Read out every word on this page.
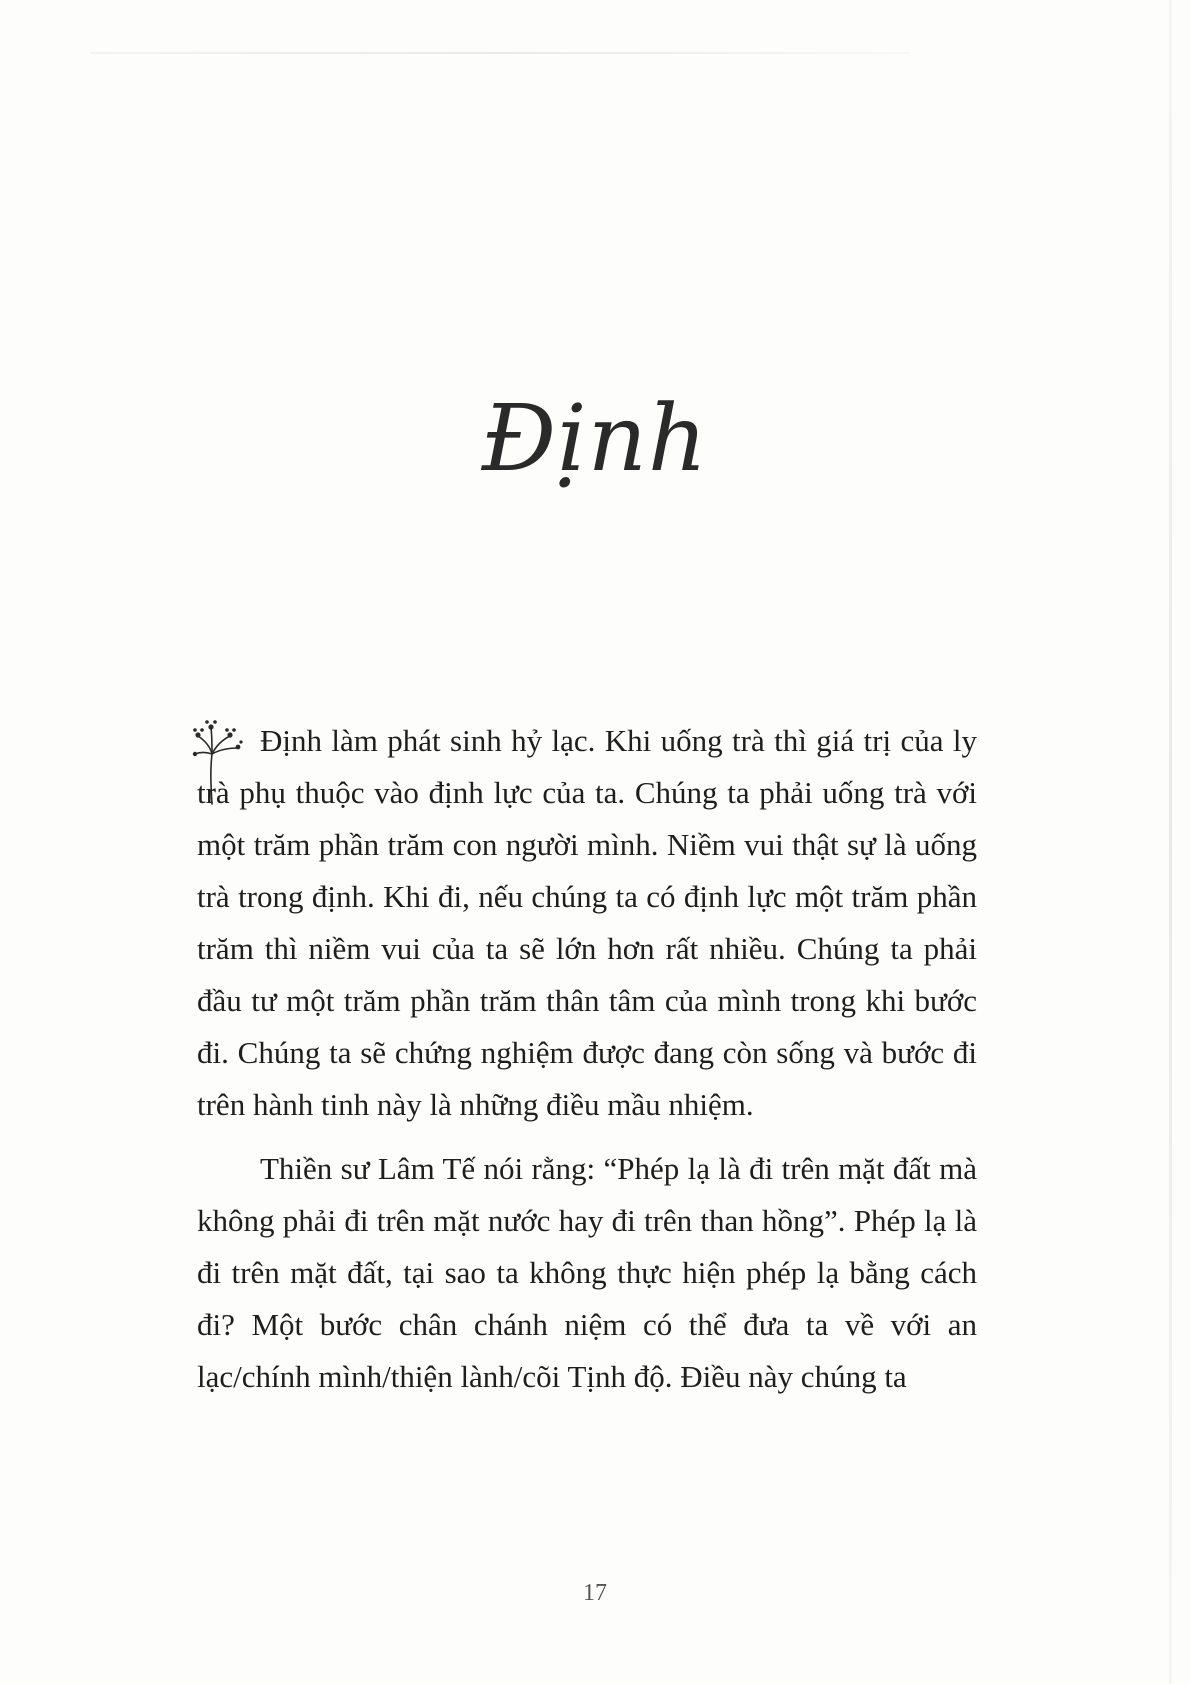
Định

Định làm phát sinh hỷ lạc. Khi uống trà thì giá trị của ly trà phụ thuộc vào định lực của ta. Chúng ta phải uống trà với một trăm phần trăm con người mình. Niềm vui thật sự là uống trà trong định. Khi đi, nếu chúng ta có định lực một trăm phần trăm thì niềm vui của ta sẽ lớn hơn rất nhiều. Chúng ta phải đầu tư một trăm phần trăm thân tâm của mình trong khi bước đi. Chúng ta sẽ chứng nghiệm được đang còn sống và bước đi trên hành tinh này là những điều mầu nhiệm.

Thiền sư Lâm Tế nói rằng: “Phép lạ là đi trên mặt đất mà không phải đi trên mặt nước hay đi trên than hồng”. Phép lạ là đi trên mặt đất, tại sao ta không thực hiện phép lạ bằng cách đi? Một bước chân chánh niệm có thể đưa ta về với an lạc/chính mình/thiện lành/cõi Tịnh độ. Điều này chúng ta

17
